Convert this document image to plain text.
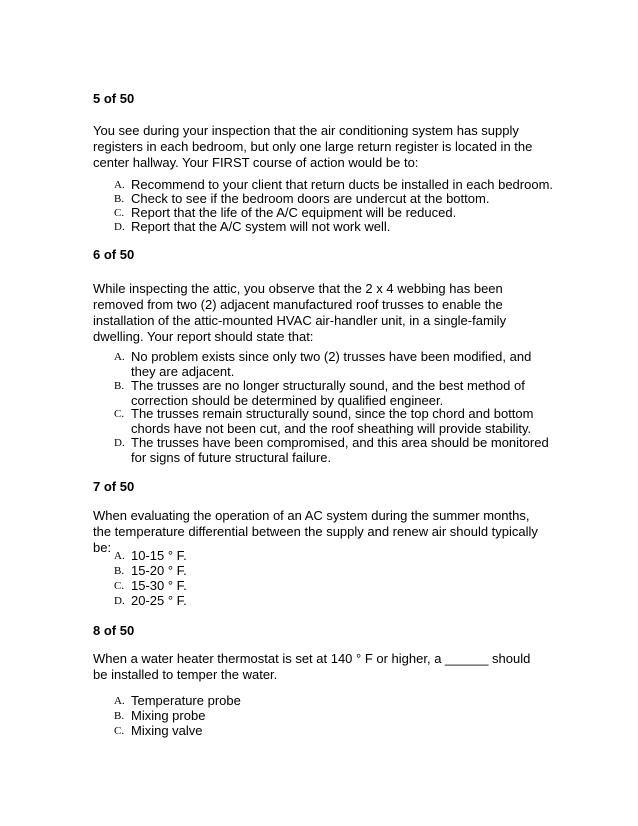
5 of 50
You see during your inspection that the air conditioning system has supply registers in each bedroom, but only one large return register is located in the center hallway. Your FIRST course of action would be to:
A. Recommend to your client that return ducts be installed in each bedroom.
B. Check to see if the bedroom doors are undercut at the bottom.
C. Report that the life of the A/C equipment will be reduced.
D. Report that the A/C system will not work well.
6 of 50
While inspecting the attic, you observe that the 2 x 4 webbing has been removed from two (2) adjacent manufactured roof trusses to enable the installation of the attic-mounted HVAC air-handler unit, in a single-family dwelling. Your report should state that:
A. No problem exists since only two (2) trusses have been modified, and they are adjacent.
B. The trusses are no longer structurally sound, and the best method of correction should be determined by qualified engineer.
C. The trusses remain structurally sound, since the top chord and bottom chords have not been cut, and the roof sheathing will provide stability.
D. The trusses have been compromised, and this area should be monitored for signs of future structural failure.
7 of 50
When evaluating the operation of an AC system during the summer months, the temperature differential between the supply and renew air should typically be:
A. 10-15 ° F.
B. 15-20 ° F.
C. 15-30 ° F.
D. 20-25 ° F.
8 of 50
When a water heater thermostat is set at 140 ° F or higher, a ______ should be installed to temper the water.
A. Temperature probe
B. Mixing probe
C. Mixing valve
